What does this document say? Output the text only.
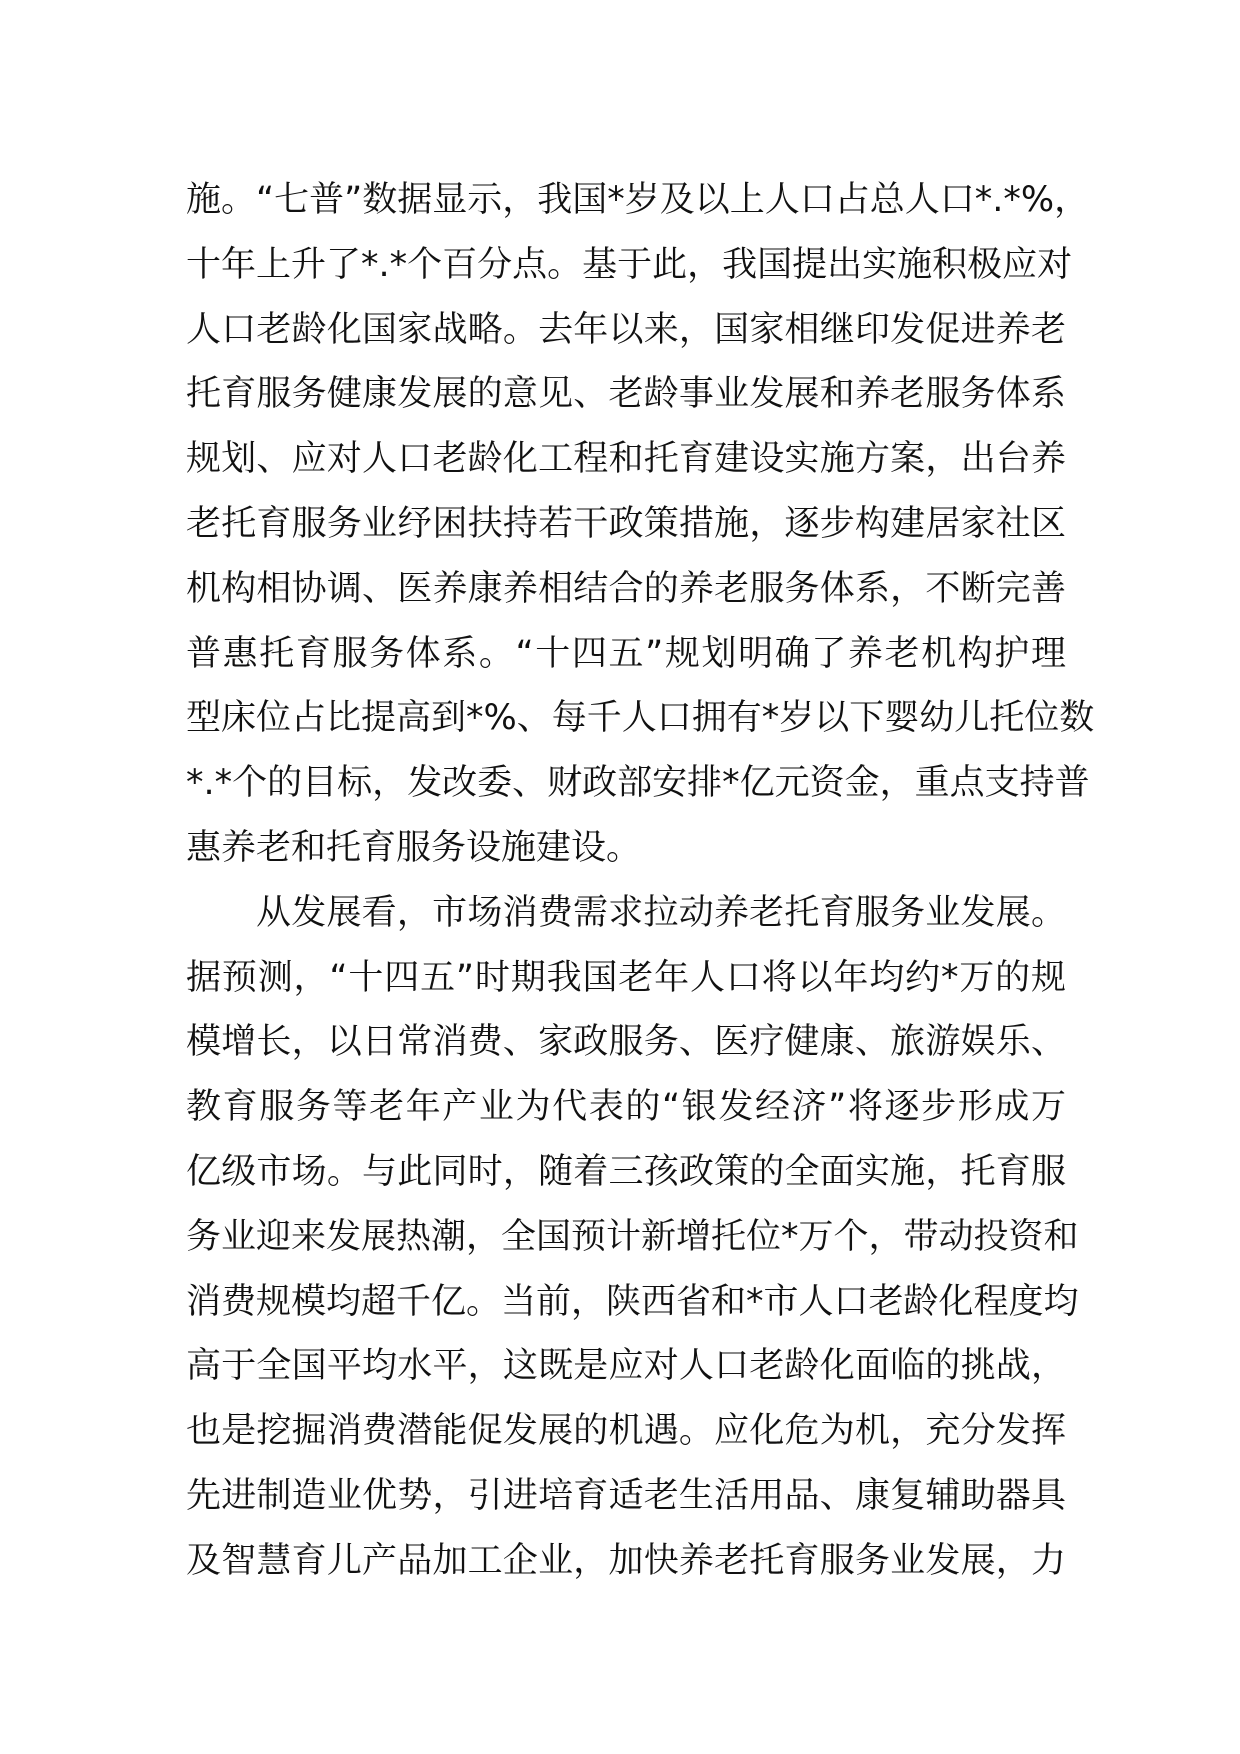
施。“七普”数据显示，我国*岁及以上人口占总人口*.*%，
十年上升了*.*个百分点。基于此，我国提出实施积极应对
人口老龄化国家战略。去年以来，国家相继印发促进养老
托育服务健康发展的意见、老龄事业发展和养老服务体系
规划、应对人口老龄化工程和托育建设实施方案，出台养
老托育服务业纾困扶持若干政策措施，逐步构建居家社区
机构相协调、医养康养相结合的养老服务体系，不断完善
普惠托育服务体系。“十四五”规划明确了养老机构护理
型床位占比提高到*%、每千人口拥有*岁以下婴幼儿托位数
*.*个的目标，发改委、财政部安排*亿元资金，重点支持普
惠养老和托育服务设施建设。
从发展看，市场消费需求拉动养老托育服务业发展。
据预测，“十四五”时期我国老年人口将以年均约*万的规
模增长，以日常消费、家政服务、医疗健康、旅游娱乐、
教育服务等老年产业为代表的“银发经济”将逐步形成万
亿级市场。与此同时，随着三孩政策的全面实施，托育服
务业迎来发展热潮，全国预计新增托位*万个，带动投资和
消费规模均超千亿。当前，陕西省和*市人口老龄化程度均
高于全国平均水平，这既是应对人口老龄化面临的挑战，
也是挖掘消费潜能促发展的机遇。应化危为机，充分发挥
先进制造业优势，引进培育适老生活用品、康复辅助器具
及智慧育儿产品加工企业，加快养老托育服务业发展，力
